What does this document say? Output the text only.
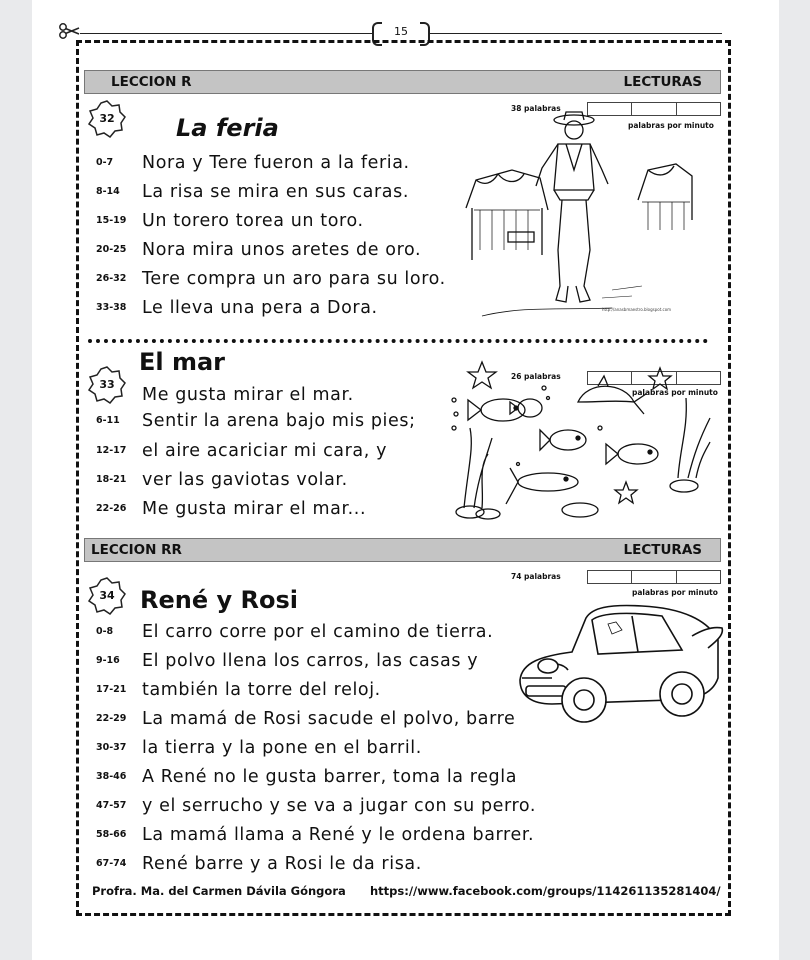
15
LECCION R	LECTURAS
32	La feria
38 palabras
palabras por minuto
0-7	Nora y Tere fueron a la feria.
8-14	La risa se mira en sus caras.
15-19 Un torero torea un toro.
20-25 Nora mira unos aretes de oro.
26-32 Tere compra un aro para su loro.
33-38 Le lleva una pera a Dora.	http://anasbmaestro.blogspot.com
El mar
33
26 palabras
palabras por minuto
Me gusta mirar el mar.
6-11	Sentir la arena bajo mis pies;
12-17 el aire acariciar mi cara, y
18-21 ver las gaviotas volar.
22-26 Me gusta mirar el mar...
LECCION RR	LECTURAS
34	René y Rosi
74 palabras
palabras por minuto
0-8	El carro corre por el camino de tierra.
9-16	El polvo llena los carros, las casas y
17-21 también la torre del reloj.
22-29 La mamá de Rosi sacude el polvo, barre
30-37 la tierra y la pone en el barril.
38-46 A René no le gusta barrer, toma la regla
47-57 y el serrucho y se va a jugar con su perro.
58-66 La mamá llama a René y le ordena barrer.
67-74 René barre y a Rosi le da risa.
Profra. Ma. del Carmen Dávila Góngora https://www.facebook.com/groups/114261135281404/
